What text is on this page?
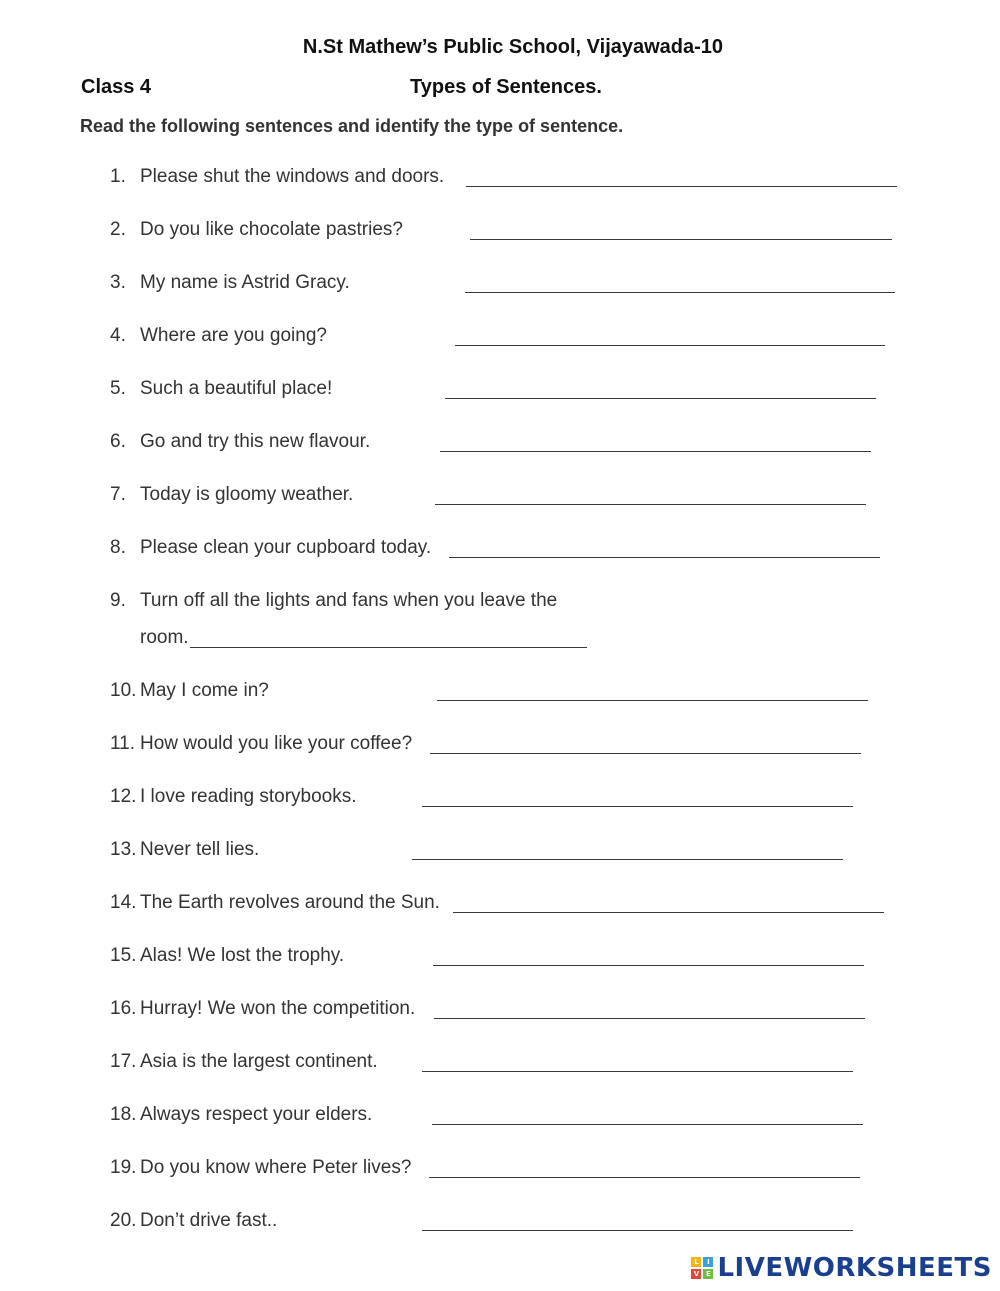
N.St Mathew’s Public School, Vijayawada-10
Class 4	Types of Sentences.
Read the following sentences and identify the type of sentence.
1. Please shut the windows and doors.
2. Do you like chocolate pastries?
3. My name is Astrid Gracy.
4. Where are you going?
5. Such a beautiful place!
6. Go and try this new flavour.
7. Today is gloomy weather.
8. Please clean your cupboard today.
9. Turn off all the lights and fans when you leave the
room.
10. May I come in?
11. How would you like your coffee?
12. I love reading storybooks.
13. Never tell lies.
14. The Earth revolves around the Sun.
15. Alas! We lost the trophy.
16. Hurray! We won the competition.
17. Asia is the largest continent.
18. Always respect your elders.
19. Do you know where Peter lives?
20. Don’t drive fast..
L	I
V E LIVEWORKSHEETS
